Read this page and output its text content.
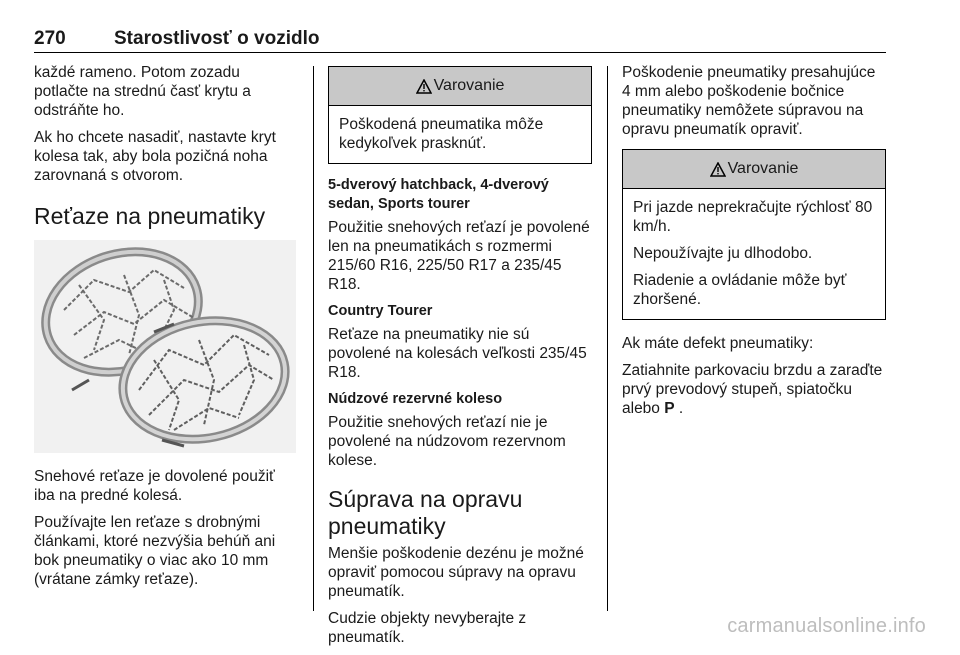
270	Starostlivosť o vozidlo

každé rameno. Potom zozadu potlačte na strednú časť krytu a odstráňte ho.

Ak ho chcete nasadiť, nastavte kryt kolesa tak, aby bola pozičná noha zarovnaná s otvorom.

Reťaze na pneumatiky

Snehové reťaze je dovolené použiť iba na predné kolesá.

Používajte len reťaze s drobnými článkami, ktoré nezvýšia behúň ani bok pneumatiky o viac ako 10 mm (vrátane zámky reťaze).

Varovanie

Poškodená pneumatika môže kedykoľvek prasknúť.

5-dverový hatchback, 4-dverový sedan, Sports tourer

Použitie snehových reťazí je povolené len na pneumatikách s rozmermi 215/60 R16, 225/50 R17 a 235/45 R18.

Country Tourer

Reťaze na pneumatiky nie sú povolené na kolesách veľkosti 235/45 R18.

Núdzové rezervné koleso

Použitie snehových reťazí nie je povolené na núdzovom rezervnom kolese.

Súprava na opravu pneumatiky

Menšie poškodenie dezénu je možné opraviť pomocou súpravy na opravu pneumatík.

Cudzie objekty nevyberajte z pneumatík.

Poškodenie pneumatiky presahujúce 4 mm alebo poškodenie bočnice pneumatiky nemôžete súpravou na opravu pneumatík opraviť.

Varovanie

Pri jazde neprekračujte rýchlosť 80 km/h.

Nepoužívajte ju dlhodobo.

Riadenie a ovládanie môže byť zhoršené.

Ak máte defekt pneumatiky:

Zatiahnite parkovaciu brzdu a zaraďte prvý prevodový stupeň, spiatočku alebo P .

carmanualsonline.info
